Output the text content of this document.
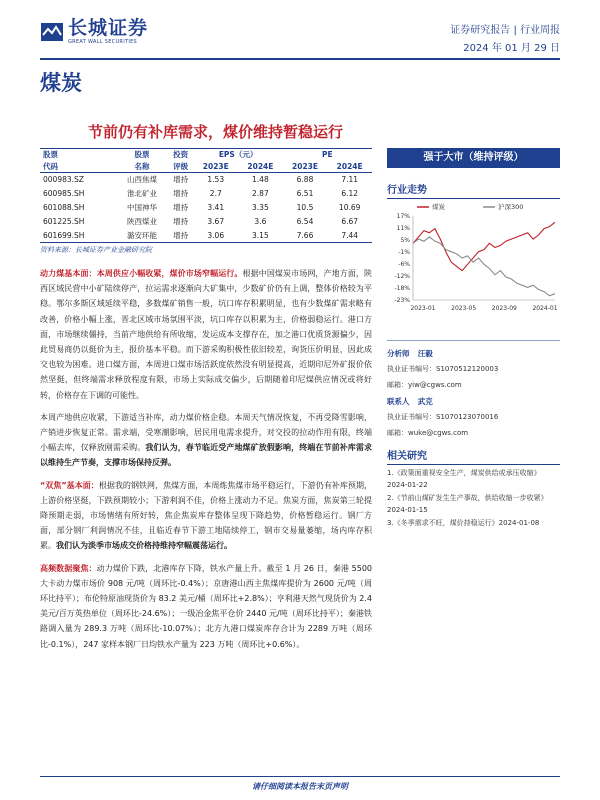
长城证券
GREAT WALL SECURITIES
证券研究报告 | 行业周报
2024 年 01 月 29 日
煤炭
节前仍有补库需求，煤价维持暂稳运行
股票	股票	投资	EPS（元）		PE	
代码	名称	评级	2023E	2024E	2023E	2024E
000983.SZ	山西焦煤	增持	1.53	1.48	6.88	7.11
600985.SH	淮北矿业	增持	2.7	2.87	6.51	6.12
601088.SH	中国神华	增持	3.41	3.35	10.5	10.69
601225.SH	陕西煤业	增持	3.67	3.6	6.54	6.67
601699.SH	潞安环能	增持	3.06	3.15	7.66	7.44
资料来源：长城证券产业金融研究院
强于大市（维持评级）
行业走势
17%
11%
5%
-1%
-6%
-12%
-18%
-23%
2023-01	2023-05	2023-09	2024-01
煤炭	沪深300
分析师 汪毅
执业证书编号：S1070512120003
邮箱：yiw@cgws.com
联系人 武克
执业证书编号：S1070123070016
邮箱：wuke@cgws.com
相关研究
1.《政策面重视安全生产，煤炭供给或承压收缩》2024-01-22
2.《节前山煤矿发生生产事故，供给收缩一步收紧》2024-01-15
3.《冬季需求不旺，煤价持稳运行》2024-01-08

动力煤基本面：本周供应小幅收紧，煤价市场窄幅运行。根据中国煤炭市场网，产地方面，陕西区域民营中小矿陆续停产，拉运需求逐渐向大矿集中，少数矿价仍有上调，整体价格较为平稳。鄂尔多斯区域延续平稳，多数煤矿销售一般，坑口库存积累明显，也有少数煤矿需求略有改善，价格小幅上涨，晋北区域市场氛围平淡，坑口库存以积累为主，价格弱稳运行。港口方面，市场继续僵持，当前产地供给有所收缩，发运成本支撑存在，加之港口优质货源偏少，因此贸易商仍以挺价为主，报价基本平稳。而下游采购积极性依旧较差，询货压价明显，因此成交也较为困难。进口煤方面，本周进口煤市场活跃度依然没有明显提高，近期印尼外矿报价依然坚挺，但终端需求释放程度有限，市场上实际成交偏少，后期随着印尼煤供应情况或将好转，价格存在下调的可能性。

本周产地供应收紧，下游适当补库，动力煤价格企稳。本周天气情况恢复，不再受降雪影响，产销进步恢复正常。需求端，受寒潮影响，居民用电需求提升，对交投的拉动作用有限，终端小幅去库，仅释放刚需采购。我们认为，春节临近受产地煤矿放假影响，终端在节前补库需求以维持生产节奏，支撑市场保持反弹。

“双焦”基本面：根据我的钢铁网，焦煤方面，本周炼焦煤市场平稳运行，下游仍有补库预期，上游价格坚挺，下跌预期较小；下游利润不佳，价格上涨动力不足。焦炭方面，焦炭第三轮提降预期走弱，市场情绪有所好转，焦企焦炭库存整体呈现下降趋势，价格暂稳运行。钢厂方面，部分钢厂利润情况不佳，且临近春节下游工地陆续停工，钢市交易量萎缩，场内库存积累。我们认为淡季市场成交价格持维持窄幅震荡运行。

高频数据聚焦：动力煤价下跌，北港库存下降，铁水产量上升。截至 1 月 26 日，秦港 5500 大卡动力煤市场价 908 元/吨（周环比-0.4%）；京唐港山西主焦煤库提价为 2600 元/吨（周环比持平）；布伦特原油现货价为 83.2 美元/桶（周环比+2.8%）；亨利港天然气现货价为 2.4 美元/百万英热单位（周环比-24.6%）；一级冶金焦平仓价 2440 元/吨（周环比持平）；秦港铁路调入量为 289.3 万吨（周环比-10.07%）；北方九港口煤炭库存合计为 2289 万吨（周环比-0.1%），247 家样本钢厂日均铁水产量为 223 万吨（周环比+0.6%）。

请仔细阅读本报告末页声明
